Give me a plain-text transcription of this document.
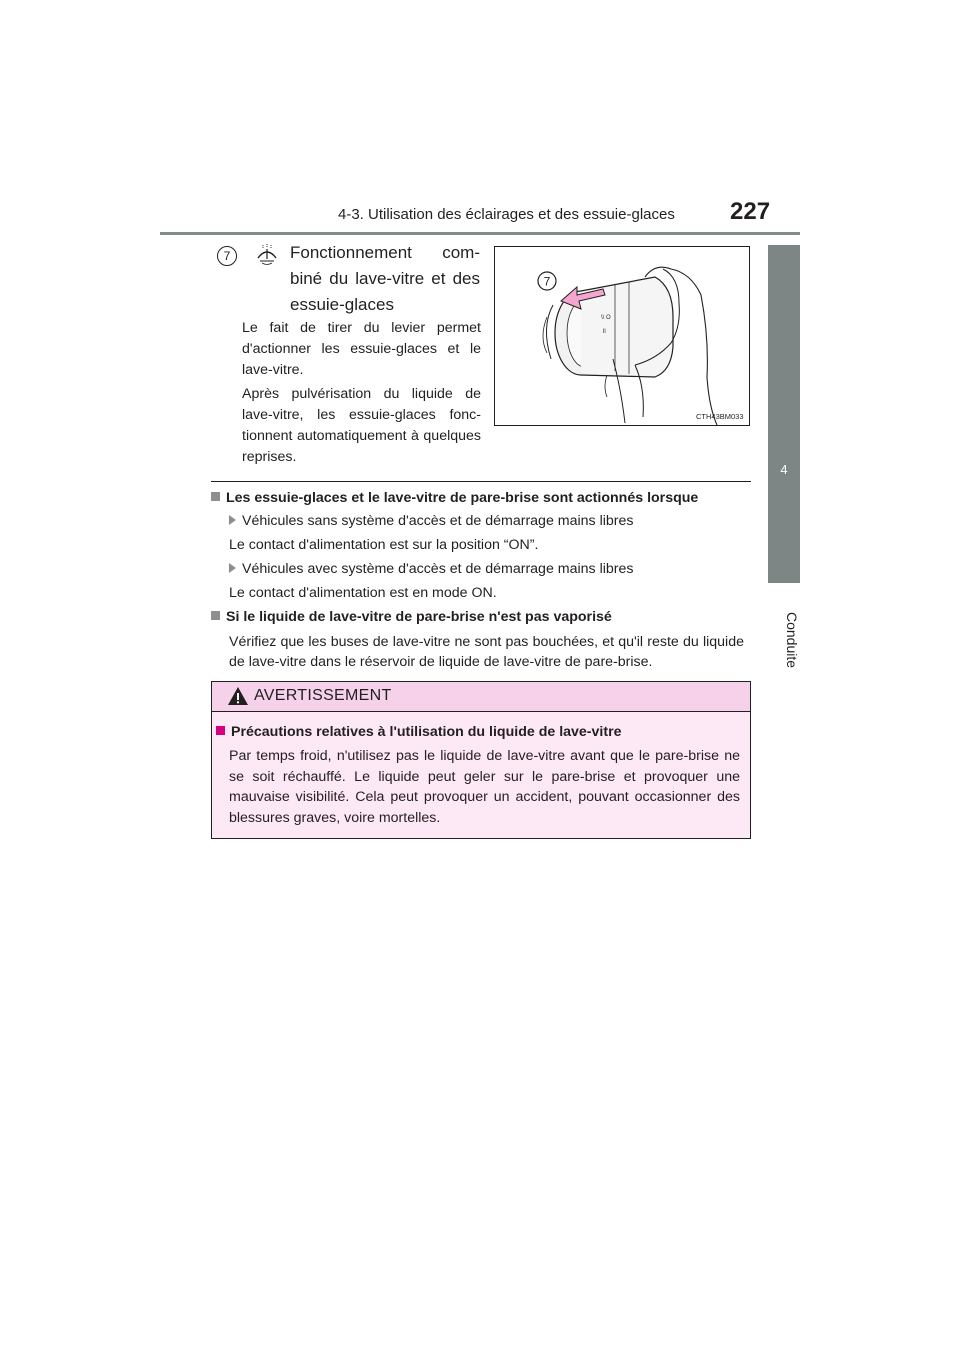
4-3. Utilisation des éclairages et des essuie-glaces 227
4
Conduite
7	Fonctionnement com-biné du lave-vitre et des essuie-glaces
Le fait de tirer du levier permet d'actionner les essuie-glaces et le lave-vitre.
Après pulvérisation du liquide de lave-vitre, les essuie-glaces fonc-tionnent automatiquement à quelques reprises.
7
\\ O
ll
CTH43BM033
Les essuie-glaces et le lave-vitre de pare-brise sont actionnés lorsque
Véhicules sans système d'accès et de démarrage mains libres
Le contact d'alimentation est sur la position “ON”.
Véhicules avec système d'accès et de démarrage mains libres
Le contact d'alimentation est en mode ON.
Si le liquide de lave-vitre de pare-brise n'est pas vaporisé
Vérifiez que les buses de lave-vitre ne sont pas bouchées, et qu'il reste du liquide de lave-vitre dans le réservoir de liquide de lave-vitre de pare-brise.
AVERTISSEMENT
Précautions relatives à l'utilisation du liquide de lave-vitre
Par temps froid, n'utilisez pas le liquide de lave-vitre avant que le pare-brise ne se soit réchauffé. Le liquide peut geler sur le pare-brise et provoquer une mauvaise visibilité. Cela peut provoquer un accident, pouvant occasionner des blessures graves, voire mortelles.
